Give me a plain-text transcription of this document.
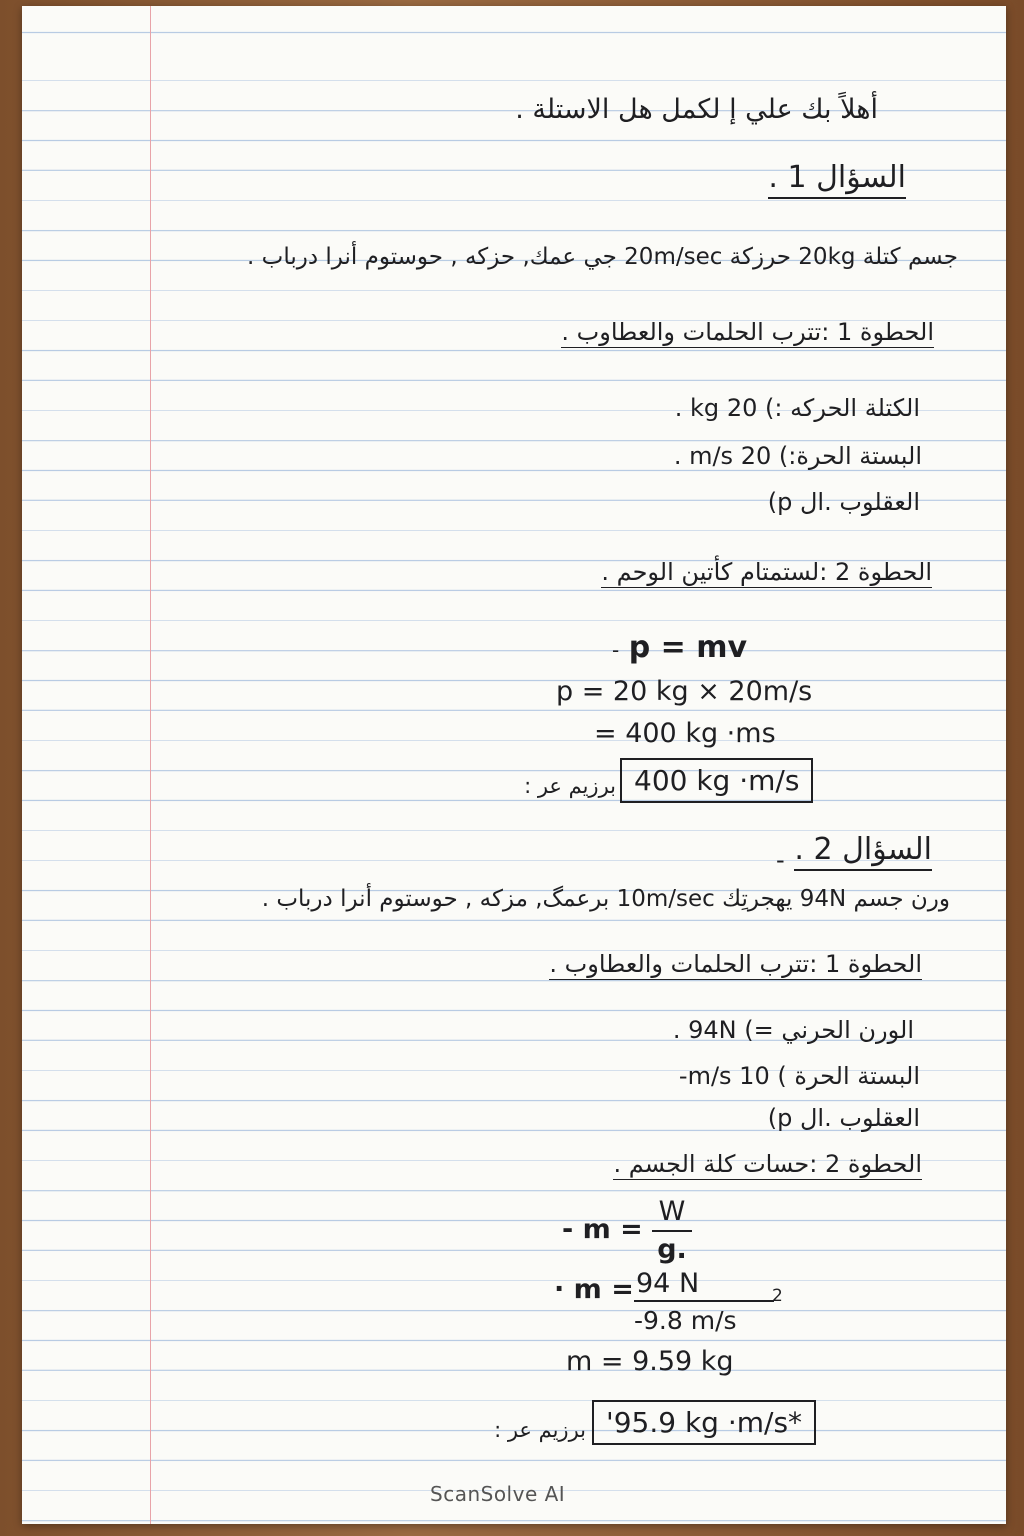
أهلاً بك علي إ لكمل هل الاستلة .
السؤال 1 .
جسم كتلة 20kg حرزكة 20m/sec جي عمك, حزكه , حوستوم أنرا درباب .
الحطوة 1 :تترب الحلمات والعطاوب .
الكتلة الحركه :) 20 kg .
البستة الحرة:) 20 m/s .
العقلوب .ال p)
الحطوة 2 :لستمتام كأتين الوحم .
- p = mv
p = 20 kg × 20m/s
= 400 kg ·ms
برزيم عر : 400 kg ·m/s
- السؤال 2 .
ورن جسم 94N يهجرتِك 10m/sec برعمگ, مزكه , حوستوم أنرا درباب .
الحطوة 1 :تترب الحلمات والعطاوب .
الورن الحرني =) 94N .
البستة الحرة ) 10 m/s-
العقلوب .ال p)
الحطوة 2 :حسات كلة الجسم .
- m =
W
g.
· m = 94 N
-9.8 m/s
2
m = 9.59 kg
برزيم عر : '95.9 kg ·m/s*
ScanSolve AI
